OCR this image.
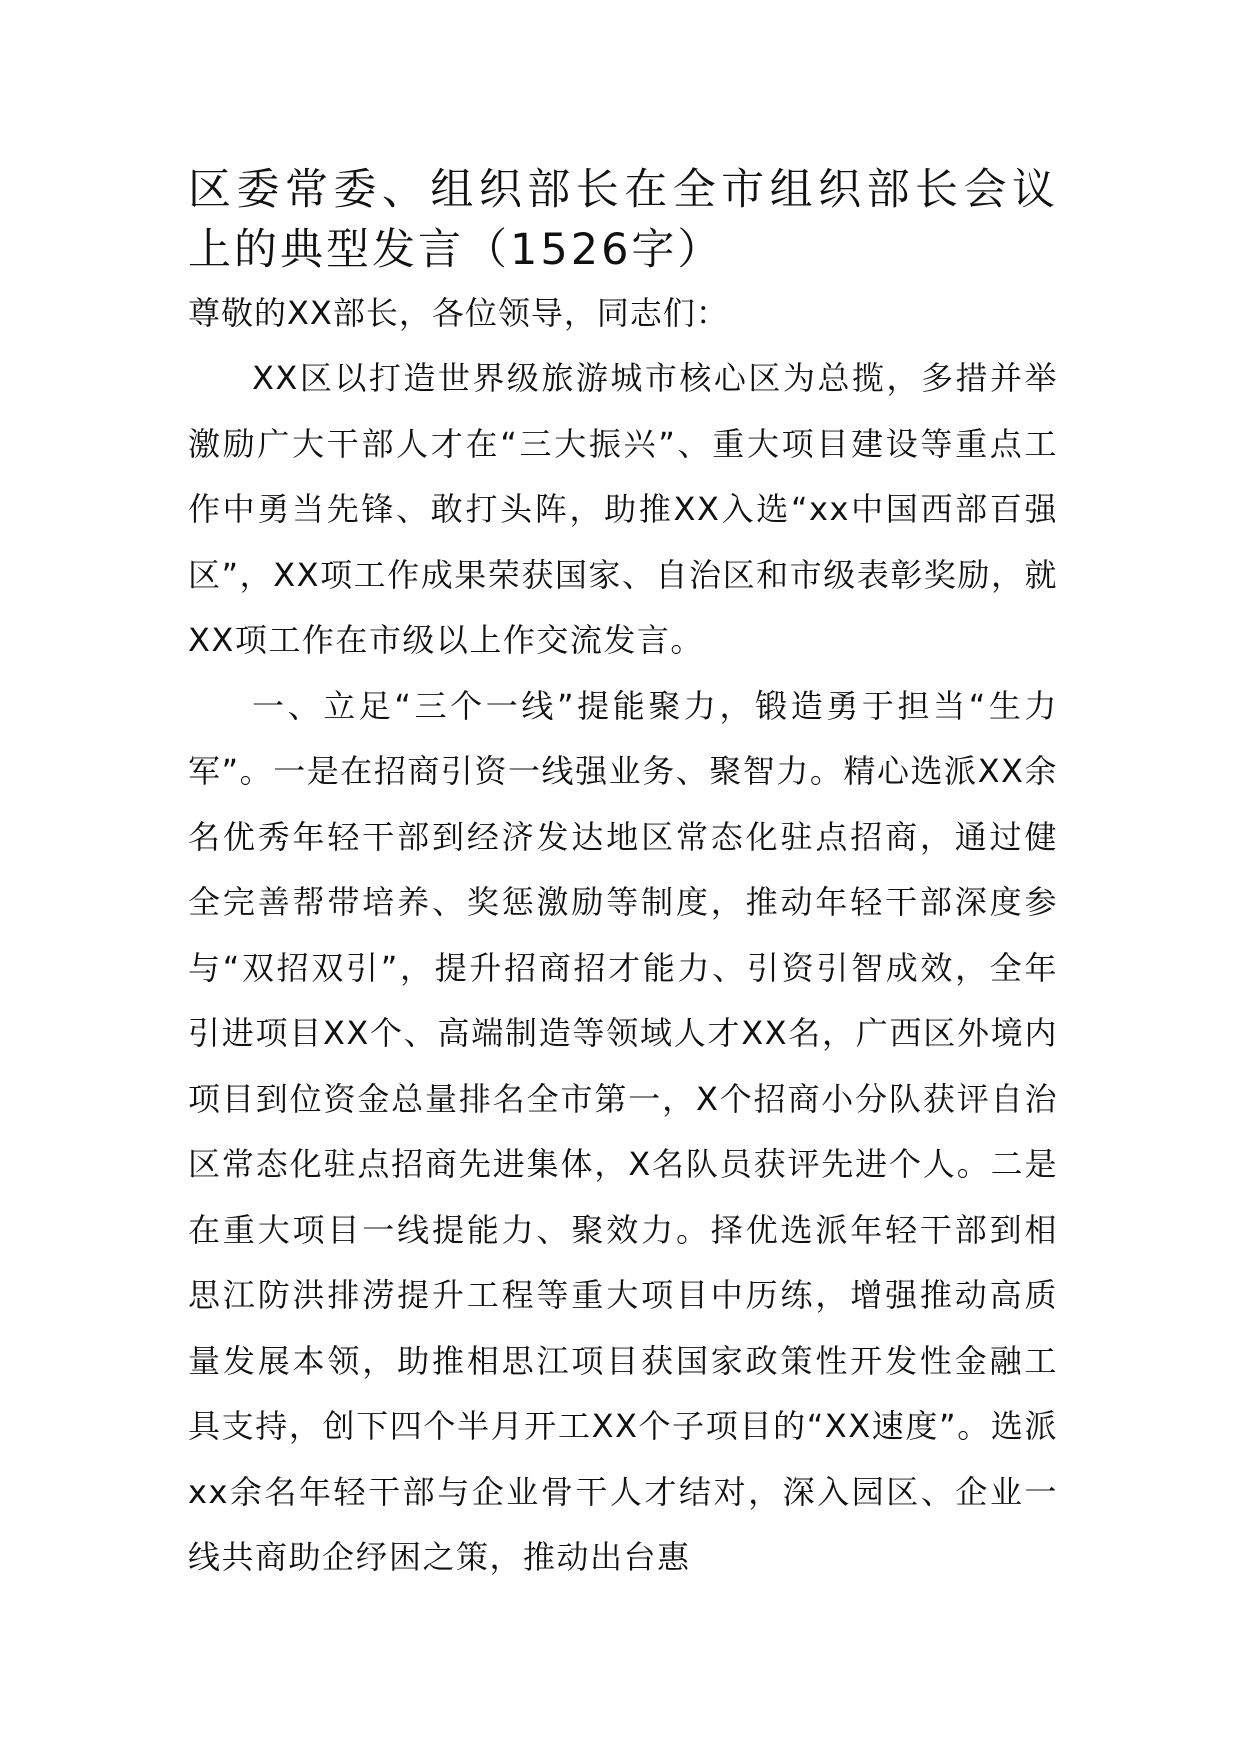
区委常委、组织部长在全市组织部长会议上的典型发言（1526字）

尊敬的XX部长，各位领导，同志们：

XX区以打造世界级旅游城市核心区为总揽，多措并举激励广大干部人才在“三大振兴”、重大项目建设等重点工作中勇当先锋、敢打头阵，助推XX入选“xx中国西部百强区”，XX项工作成果荣获国家、自治区和市级表彰奖励，就XX项工作在市级以上作交流发言。

一、立足“三个一线”提能聚力，锻造勇于担当“生力军”。一是在招商引资一线强业务、聚智力。精心选派XX余名优秀年轻干部到经济发达地区常态化驻点招商，通过健全完善帮带培养、奖惩激励等制度，推动年轻干部深度参与“双招双引”，提升招商招才能力、引资引智成效，全年引进项目XX个、高端制造等领域人才XX名，广西区外境内项目到位资金总量排名全市第一，X个招商小分队获评自治区常态化驻点招商先进集体，X名队员获评先进个人。二是在重大项目一线提能力、聚效力。择优选派年轻干部到相思江防洪排涝提升工程等重大项目中历练，增强推动高质量发展本领，助推相思江项目获国家政策性开发性金融工具支持，创下四个半月开工XX个子项目的“XX速度”。选派xx余名年轻干部与企业骨干人才结对，深入园区、企业一线共商助企纾困之策，推动出台惠
